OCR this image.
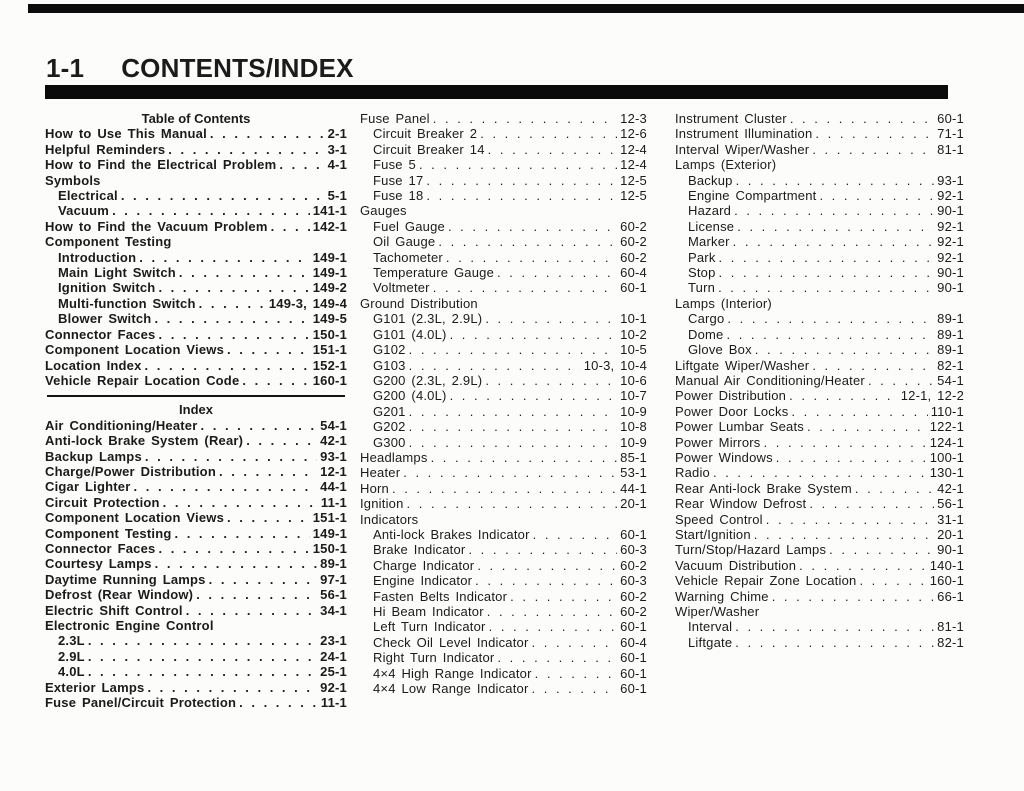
1-1 CONTENTS/INDEX
Table of Contents
How to Use This Manual . . .	2-1
Helpful Reminders . . .	3-1
How to Find the Electrical Problem . . .	4-1
Symbols
Electrical . . .	5-1
Vacuum . . .	141-1
How to Find the Vacuum Problem . . .	142-1
Component Testing
Introduction . . .	149-1
Main Light Switch . . .	149-1
Ignition Switch . . .	149-2
Multi-function Switch . . .	149-3, 149-4
Blower Switch . . .	149-5
Connector Faces . . .	150-1
Component Location Views . . .	151-1
Location Index . . .	152-1
Vehicle Repair Location Code . . .	160-1
Index
Air Conditioning/Heater . . .	54-1
Anti-lock Brake System (Rear) . . .	42-1
Backup Lamps . . .	93-1
Charge/Power Distribution . . .	12-1
Cigar Lighter . . .	44-1
Circuit Protection . . .	11-1
Component Location Views . . .	151-1
Component Testing . . .	149-1
Connector Faces . . .	150-1
Courtesy Lamps . . .	89-1
Daytime Running Lamps . . .	97-1
Defrost (Rear Window) . . .	56-1
Electric Shift Control . . .	34-1
Electronic Engine Control
2.3L . . .	23-1
2.9L . . .	24-1
4.0L . . .	25-1
Exterior Lamps . . .	92-1
Fuse Panel/Circuit Protection . . .	11-1
Fuse Panel . . .	12-3
Circuit Breaker 2 . . .	12-6
Circuit Breaker 14 . . .	12-4
Fuse 5 . . .	12-4
Fuse 17 . . .	12-5
Fuse 18 . . .	12-5
Gauges
Fuel Gauge . . .	60-2
Oil Gauge . . .	60-2
Tachometer . . .	60-2
Temperature Gauge . . .	60-4
Voltmeter . . .	60-1
Ground Distribution
G101 (2.3L, 2.9L) . . .	10-1
G101 (4.0L) . . .	10-2
G102 . . .	10-5
G103 . . .	10-3, 10-4
G200 (2.3L, 2.9L) . . .	10-6
G200 (4.0L) . . .	10-7
G201 . . .	10-9
G202 . . .	10-8
G300 . . .	10-9
Headlamps . . .	85-1
Heater . . .	53-1
Horn . . .	44-1
Ignition . . .	20-1
Indicators
Anti-lock Brakes Indicator . . .	60-1
Brake Indicator . . .	60-3
Charge Indicator . . .	60-2
Engine Indicator . . .	60-3
Fasten Belts Indicator . . .	60-2
Hi Beam Indicator . . .	60-2
Left Turn Indicator . . .	60-1
Check Oil Level Indicator . . .	60-4
Right Turn Indicator . . .	60-1
4×4 High Range Indicator . . .	60-1
4×4 Low Range Indicator . . .	60-1
Instrument Cluster . . .	60-1
Instrument Illumination . . .	71-1
Interval Wiper/Washer . . .	81-1
Lamps (Exterior)
Backup . . .	93-1
Engine Compartment . . .	92-1
Hazard . . .	90-1
License . . .	92-1
Marker . . .	92-1
Park . . .	92-1
Stop . . .	90-1
Turn . . .	90-1
Lamps (Interior)
Cargo . . .	89-1
Dome . . .	89-1
Glove Box . . .	89-1
Liftgate Wiper/Washer . . .	82-1
Manual Air Conditioning/Heater . . .	54-1
Power Distribution . . .	12-1, 12-2
Power Door Locks . . .	110-1
Power Lumbar Seats . . .	122-1
Power Mirrors . . .	124-1
Power Windows . . .	100-1
Radio . . .	130-1
Rear Anti-lock Brake System . . .	42-1
Rear Window Defrost . . .	56-1
Speed Control . . .	31-1
Start/Ignition . . .	20-1
Turn/Stop/Hazard Lamps . . .	90-1
Vacuum Distribution . . .	140-1
Vehicle Repair Zone Location . . .	160-1
Warning Chime . . .	66-1
Wiper/Washer
Interval . . .	81-1
Liftgate . . .	82-1
